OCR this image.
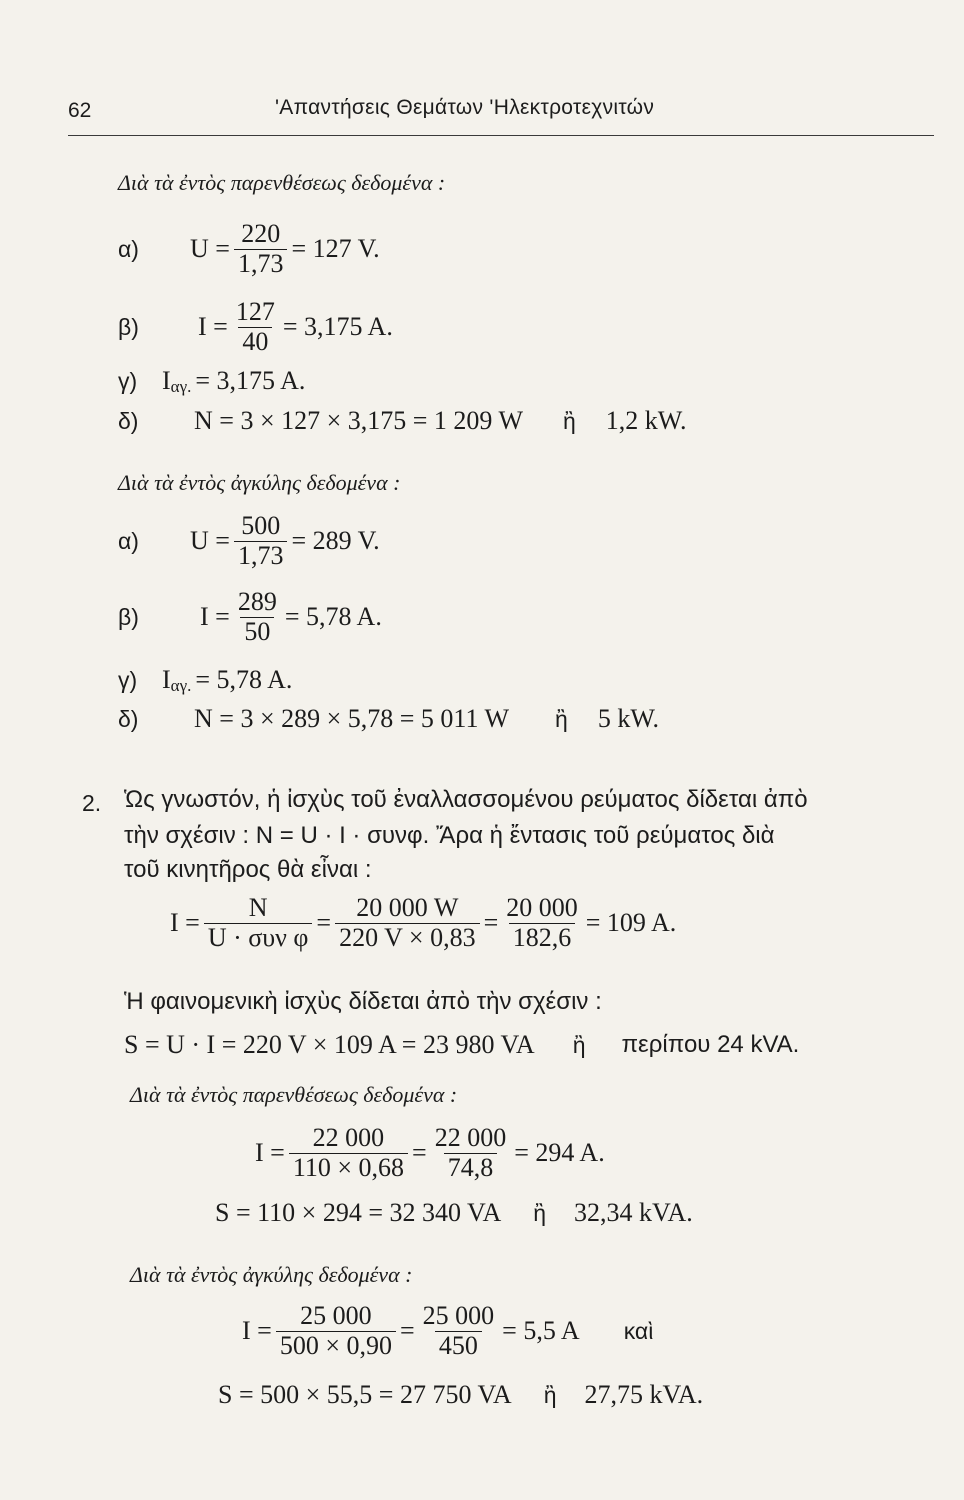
62	'Απαντήσεις Θεμάτων 'Ηλεκτροτεχνιτών
Διὰ τὰ ἐντὸς παρενθέσεως δεδομένα :
α)	$U = \frac{220}{1,73} = 127$ V.
β)	$I = \frac{127}{40} = 3,175$ A.
γ) I αγ. = 3,175 A.
δ)	N = 3 × 127 × 3,175 = 1 209 W ἢ 1,2 kW.
Διὰ τὰ ἐντὸς ἀγκύλης δεδομένα :
α)	$U = \frac{500}{1,73} = 289$ V.
β)	$I = \frac{289}{50} = 5,78$ A.
γ) I αγ. = 5,78 A.
δ)	N = 3 × 289 × 5,78 = 5 011 W ἢ 5 kW.
2. Ὡς γνωστόν, ἡ ἰσχὺς τοῦ ἐναλλασσομένου ρεύματος δίδεται ἀπὸ
τὴν σχέσιν : N = U · I · συνφ. Ἄρα ἡ ἔντασις τοῦ ρεύματος διὰ
τοῦ κινητῆρος θὰ εἶναι :
$I = \frac{N}{\text{U · συν φ}} = \frac{20 000 W}{220 V \times 0,83} = \frac{20 000}{182,6} = 109$ A.
Ἡ φαινομενικὴ ἰσχὺς δίδεται ἀπὸ τὴν σχέσιν :
S = U · I = 220 V × 109 A = 23 980 VA ἢ περίπου 24 kVA.
Διὰ τὰ ἐντὸς παρενθέσεως δεδομένα :
$I = \frac{22 000}{110 \times 0,68} = \frac{22 000}{74,8} = 294$ A.
S = 110 × 294 = 32 340 VA ἢ 32,34 kVA.
Διὰ τὰ ἐντὸς ἀγκύλης δεδομένα :
$I = \frac{25 000}{500 \times 0,90} = \frac{25 000}{450} = 5,5$ A καὶ
S = 500 × 55,5 = 27 750 VA ἢ 27,75 kVA.
